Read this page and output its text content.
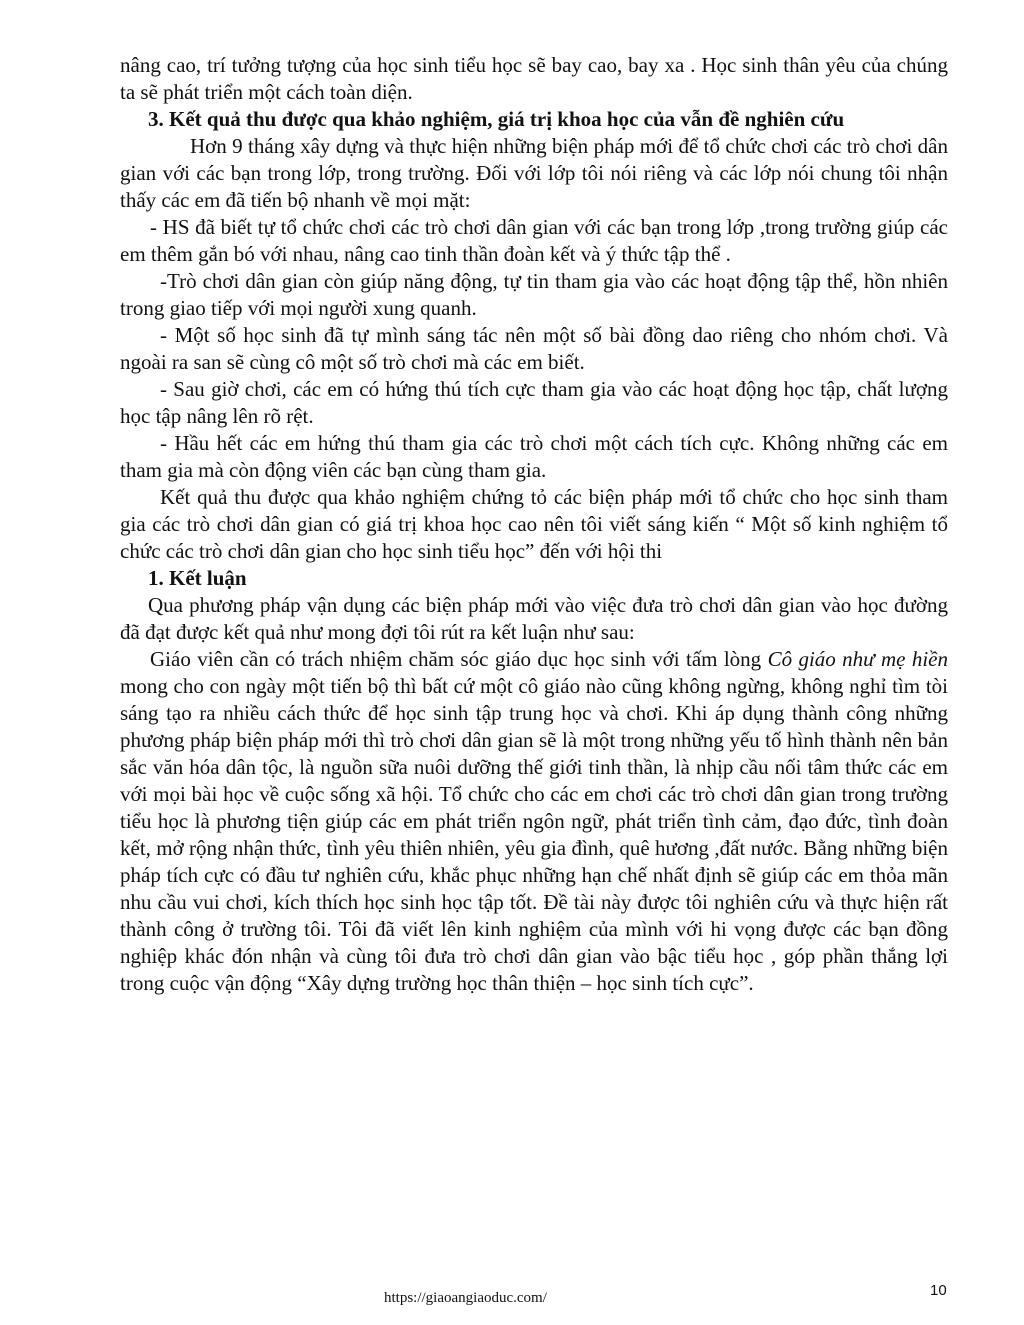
nâng cao, trí tưởng tượng của học sinh tiểu học sẽ bay cao, bay xa . Học sinh thân yêu của chúng ta sẽ phát triển một cách toàn diện.

3. Kết quả thu được qua khảo nghiệm, giá trị khoa học của vẫn đề nghiên cứu

Hơn 9 tháng xây dựng và thực hiện những biện pháp mới để tổ chức chơi các trò chơi dân gian với các bạn trong lớp, trong trường. Đối với lớp tôi nói riêng và các lớp nói chung tôi nhận thấy các em đã tiến bộ nhanh về mọi mặt:

- HS đã biết tự tổ chức chơi các trò chơi dân gian với các bạn trong lớp ,trong trường giúp các em thêm gắn bó với nhau, nâng cao tinh thần đoàn kết và ý thức tập thể .

-Trò chơi dân gian còn giúp năng động, tự tin tham gia vào các hoạt động tập thể, hồn nhiên trong giao tiếp với mọi người xung quanh.

- Một số học sinh đã tự mình sáng tác nên một số bài đồng dao riêng cho nhóm chơi. Và ngoài ra san sẽ cùng cô một số trò chơi mà các em biết.

- Sau giờ chơi, các em có hứng thú tích cực tham gia vào các hoạt động học tập, chất lượng học tập nâng lên rõ rệt.

- Hầu hết các em hứng thú tham gia các trò chơi một cách tích cực. Không những các em tham gia mà còn động viên các bạn cùng tham gia.

Kết quả thu được qua khảo nghiệm chứng tỏ các biện pháp mới tổ chức cho học sinh tham gia các trò chơi dân gian có giá trị khoa học cao nên tôi viết sáng kiến “ Một số kinh nghiệm tổ chức các trò chơi dân gian cho học sinh tiểu học” đến với hội thi

1. Kết luận

Qua phương pháp vận dụng các biện pháp mới vào việc đưa trò chơi dân gian vào học đường đã đạt được kết quả như mong đợi tôi rút ra kết luận như sau:

Giáo viên cần có trách nhiệm chăm sóc giáo dục học sinh với tấm lòng Cô giáo như mẹ hiền mong cho con ngày một tiến bộ thì bất cứ một cô giáo nào cũng không ngừng, không nghỉ tìm tòi sáng tạo ra nhiều cách thức để học sinh tập trung học và chơi. Khi áp dụng thành công những phương pháp biện pháp mới thì trò chơi dân gian sẽ là một trong những yếu tố hình thành nên bản sắc văn hóa dân tộc, là nguồn sữa nuôi dưỡng thế giới tinh thần, là nhịp cầu nối tâm thức các em với mọi bài học về cuộc sống xã hội. Tổ chức cho các em chơi các trò chơi dân gian trong trường tiểu học là phương tiện giúp các em phát triển ngôn ngữ, phát triển tình cảm, đạo đức, tình đoàn kết, mở rộng nhận thức, tình yêu thiên nhiên, yêu gia đình, quê hương ,đất nước. Bằng những biện pháp tích cực có đầu tư nghiên cứu, khắc phục những hạn chế nhất định sẽ giúp các em thỏa mãn nhu cầu vui chơi, kích thích học sinh học tập tốt. Đề tài này được tôi nghiên cứu và thực hiện rất thành công ở trường tôi. Tôi đã viết lên kinh nghiệm của mình với hi vọng được các bạn đồng nghiệp khác đón nhận và cùng tôi đưa trò chơi dân gian vào bậc tiểu học , góp phần thắng lợi trong cuộc vận động “Xây dựng trường học thân thiện – học sinh tích cực”.

https://giaoangiaoduc.com/	10
